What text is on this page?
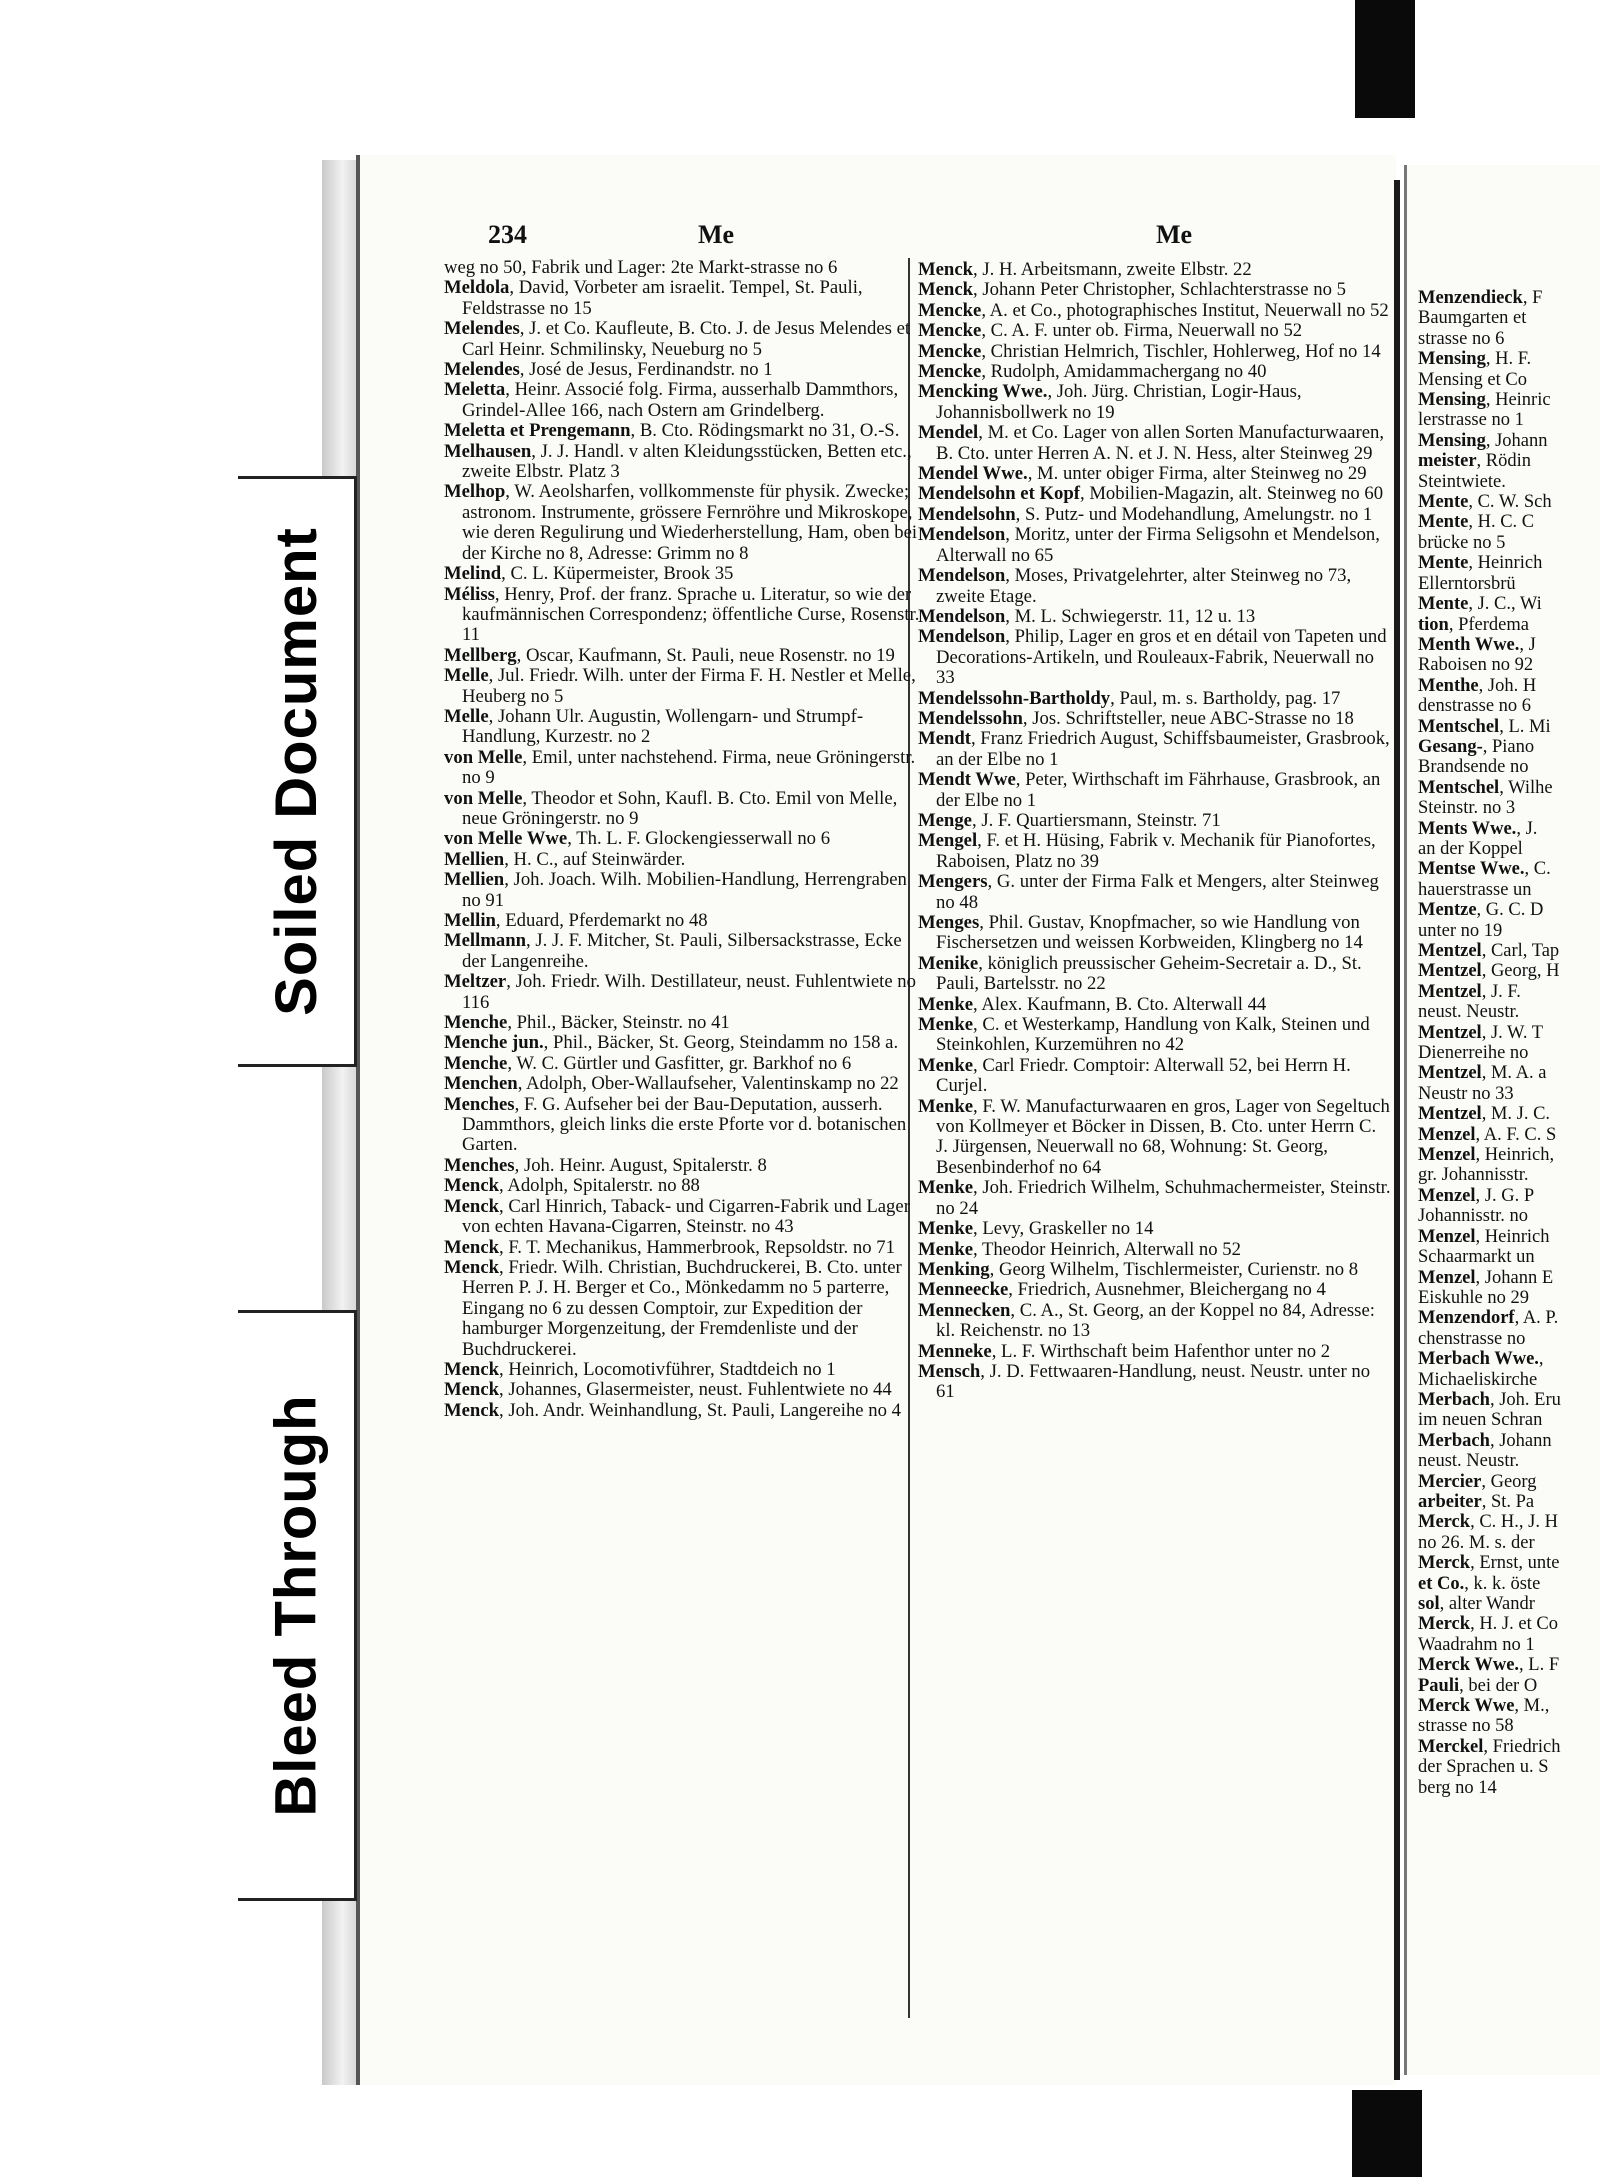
Soiled Document
Bleed Through
234	Me	Me

weg no 50, Fabrik und Lager: 2te Markt-strasse no 6

Meldola, David, Vorbeter am israelit. Tempel, St. Pauli, Feldstrasse no 15

Melendes, J. et Co. Kaufleute, B. Cto. J. de Jesus Melendes et Carl Heinr. Schmilinsky, Neueburg no 5

Melendes, José de Jesus, Ferdinandstr. no 1

Meletta, Heinr. Associé folg. Firma, ausserhalb Dammthors, Grindel-Allee 166, nach Ostern am Grindelberg.

Meletta et Prengemann, B. Cto. Rödingsmarkt no 31, O.-S.

Melhausen, J. J. Handl. v alten Kleidungsstücken, Betten etc., zweite Elbstr. Platz 3

Melhop, W. Aeolsharfen, vollkommenste für physik. Zwecke; astronom. Instrumente, grössere Fernröhre und Mikroskope, wie deren Regulirung und Wiederherstellung, Ham, oben bei der Kirche no 8, Adresse: Grimm no 8

Melind, C. L. Küpermeister, Brook 35

Méliss, Henry, Prof. der franz. Sprache u. Literatur, so wie der kaufmännischen Correspondenz; öffentliche Curse, Rosenstr. 11

Mellberg, Oscar, Kaufmann, St. Pauli, neue Rosenstr. no 19

Melle, Jul. Friedr. Wilh. unter der Firma F. H. Nestler et Melle, Heuberg no 5

Melle, Johann Ulr. Augustin, Wollengarn- und Strumpf-Handlung, Kurzestr. no 2

von Melle, Emil, unter nachstehend. Firma, neue Gröningerstr. no 9

von Melle, Theodor et Sohn, Kaufl. B. Cto. Emil von Melle, neue Gröningerstr. no 9

von Melle Wwe, Th. L. F. Glockengiesserwall no 6

Mellien, H. C., auf Steinwärder.

Mellien, Joh. Joach. Wilh. Mobilien-Handlung, Herrengraben no 91

Mellin, Eduard, Pferdemarkt no 48

Mellmann, J. J. F. Mitcher, St. Pauli, Silbersackstrasse, Ecke der Langenreihe.

Meltzer, Joh. Friedr. Wilh. Destillateur, neust. Fuhlentwiete no 116

Menche, Phil., Bäcker, Steinstr. no 41

Menche jun., Phil., Bäcker, St. Georg, Steindamm no 158 a.

Menche, W. C. Gürtler und Gasfitter, gr. Barkhof no 6

Menchen, Adolph, Ober-Wallaufseher, Valentinskamp no 22

Menches, F. G. Aufseher bei der Bau-Deputation, ausserh. Dammthors, gleich links die erste Pforte vor d. botanischen Garten.

Menches, Joh. Heinr. August, Spitalerstr. 8

Menck, Adolph, Spitalerstr. no 88

Menck, Carl Hinrich, Taback- und Cigarren-Fabrik und Lager von echten Havana-Cigarren, Steinstr. no 43

Menck, F. T. Mechanikus, Hammerbrook, Repsoldstr. no 71

Menck, Friedr. Wilh. Christian, Buchdruckerei, B. Cto. unter Herren P. J. H. Berger et Co., Mönkedamm no 5 parterre, Eingang no 6 zu dessen Comptoir, zur Expedition der hamburger Morgenzeitung, der Fremdenliste und der Buchdruckerei.

Menck, Heinrich, Locomotivführer, Stadtdeich no 1

Menck, Johannes, Glasermeister, neust. Fuhlentwiete no 44

Menck, Joh. Andr. Weinhandlung, St. Pauli, Langereihe no 4

Menck, J. H. Arbeitsmann, zweite Elbstr. 22

Menck, Johann Peter Christopher, Schlachterstrasse no 5

Mencke, A. et Co., photographisches Institut, Neuerwall no 52

Mencke, C. A. F. unter ob. Firma, Neuerwall no 52

Mencke, Christian Helmrich, Tischler, Hohlerweg, Hof no 14

Mencke, Rudolph, Amidammachergang no 40

Mencking Wwe., Joh. Jürg. Christian, Logir-Haus, Johannisbollwerk no 19

Mendel, M. et Co. Lager von allen Sorten Manufacturwaaren, B. Cto. unter Herren A. N. et J. N. Hess, alter Steinweg 29

Mendel Wwe., M. unter obiger Firma, alter Steinweg no 29

Mendelsohn et Kopf, Mobilien-Magazin, alt. Steinweg no 60

Mendelsohn, S. Putz- und Modehandlung, Amelungstr. no 1

Mendelson, Moritz, unter der Firma Seligsohn et Mendelson, Alterwall no 65

Mendelson, Moses, Privatgelehrter, alter Steinweg no 73, zweite Etage.

Mendelson, M. L. Schwiegerstr. 11, 12 u. 13

Mendelson, Philip, Lager en gros et en détail von Tapeten und Decorations-Artikeln, und Rouleaux-Fabrik, Neuerwall no 33

Mendelssohn-Bartholdy, Paul, m. s. Bartholdy, pag. 17

Mendelssohn, Jos. Schriftsteller, neue ABC-Strasse no 18

Mendt, Franz Friedrich August, Schiffsbaumeister, Grasbrook, an der Elbe no 1

Mendt Wwe, Peter, Wirthschaft im Fährhause, Grasbrook, an der Elbe no 1

Menge, J. F. Quartiersmann, Steinstr. 71

Mengel, F. et H. Hüsing, Fabrik v. Mechanik für Pianofortes, Raboisen, Platz no 39

Mengers, G. unter der Firma Falk et Mengers, alter Steinweg no 48

Menges, Phil. Gustav, Knopfmacher, so wie Handlung von Fischersetzen und weissen Korbweiden, Klingberg no 14

Menike, königlich preussischer Geheim-Secretair a. D., St. Pauli, Bartelsstr. no 22

Menke, Alex. Kaufmann, B. Cto. Alterwall 44

Menke, C. et Westerkamp, Handlung von Kalk, Steinen und Steinkohlen, Kurzemühren no 42

Menke, Carl Friedr. Comptoir: Alterwall 52, bei Herrn H. Curjel.

Menke, F. W. Manufacturwaaren en gros, Lager von Segeltuch von Kollmeyer et Böcker in Dissen, B. Cto. unter Herrn C. J. Jürgensen, Neuerwall no 68, Wohnung: St. Georg, Besenbinderhof no 64

Menke, Joh. Friedrich Wilhelm, Schuhmachermeister, Steinstr. no 24

Menke, Levy, Graskeller no 14

Menke, Theodor Heinrich, Alterwall no 52

Menking, Georg Wilhelm, Tischlermeister, Curienstr. no 8

Menneecke, Friedrich, Ausnehmer, Bleichergang no 4

Mennecken, C. A., St. Georg, an der Koppel no 84, Adresse: kl. Reichenstr. no 13

Menneke, L. F. Wirthschaft beim Hafenthor unter no 2

Mensch, J. D. Fettwaaren-Handlung, neust. Neustr. unter no 61

Menzendieck, F

Baumgarten et

strasse no 6

Mensing, H. F.

Mensing et Co

Mensing, Heinric

lerstrasse no 1

Mensing, Johann

meister, Rödin

Steintwiete.

Mente, C. W. Sch

Mente, H. C. C

brücke no 5

Mente, Heinrich

Ellerntorsbrü

Mente, J. C., Wi

tion, Pferdema

Menth Wwe., J

Raboisen no 92

Menthe, Joh. H

denstrasse no 6

Mentschel, L. Mi

Gesang-, Piano

Brandsende no

Mentschel, Wilhe

Steinstr. no 3

Ments Wwe., J.

an der Koppel

Mentse Wwe., C.

hauerstrasse un

Mentze, G. C. D

unter no 19

Mentzel, Carl, Tap

Mentzel, Georg, H

Mentzel, J. F.

neust. Neustr.

Mentzel, J. W. T

Dienerreihe no

Mentzel, M. A. a

Neustr no 33

Mentzel, M. J. C.

Menzel, A. F. C. S

Menzel, Heinrich,

gr. Johannisstr.

Menzel, J. G. P

Johannisstr. no

Menzel, Heinrich

Schaarmarkt un

Menzel, Johann E

Eiskuhle no 29

Menzendorf, A. P.

chenstrasse no

Merbach Wwe.,

Michaeliskirche

Merbach, Joh. Eru

im neuen Schran

Merbach, Johann

neust. Neustr.

Mercier, Georg

arbeiter, St. Pa

Merck, C. H., J. H

no 26. M. s. der

Merck, Ernst, unte

et Co., k. k. öste

sol, alter Wandr

Merck, H. J. et Co

Waadrahm no 1

Merck Wwe., L. F

Pauli, bei der O

Merck Wwe, M.,

strasse no 58

Merckel, Friedrich

der Sprachen u. S

berg no 14
